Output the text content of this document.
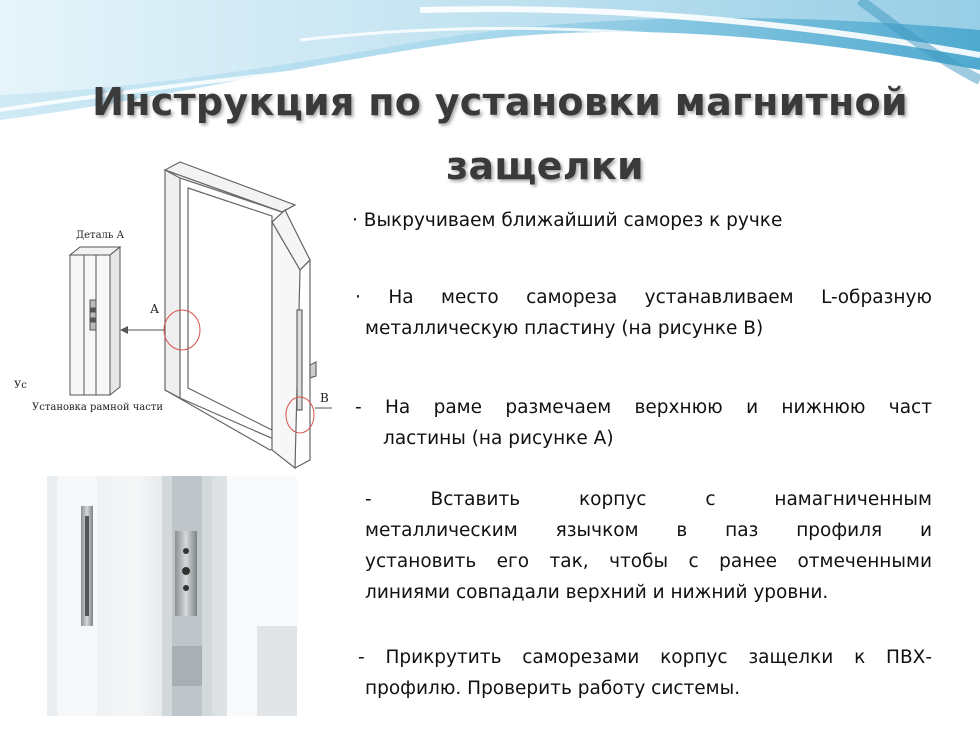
Инструкция по установки магнитной
защелки
Деталь А
Установка рамной части
Ус
А
B
· Выкручиваем ближайший саморез к ручке
· На место самореза устанавливаем L-образную
металлическую пластину (на рисунке В)
- На раме размечаем верхнюю и нижнюю част
ластины (на рисунке А)
- Вставить корпус с намагниченным
металлическим язычком в паз профиля и
установить его так, чтобы с ранее отмеченными
линиями совпадали верхний и нижний уровни.
- Прикрутить саморезами корпус защелки к ПВХ-
профилю. Проверить работу системы.
